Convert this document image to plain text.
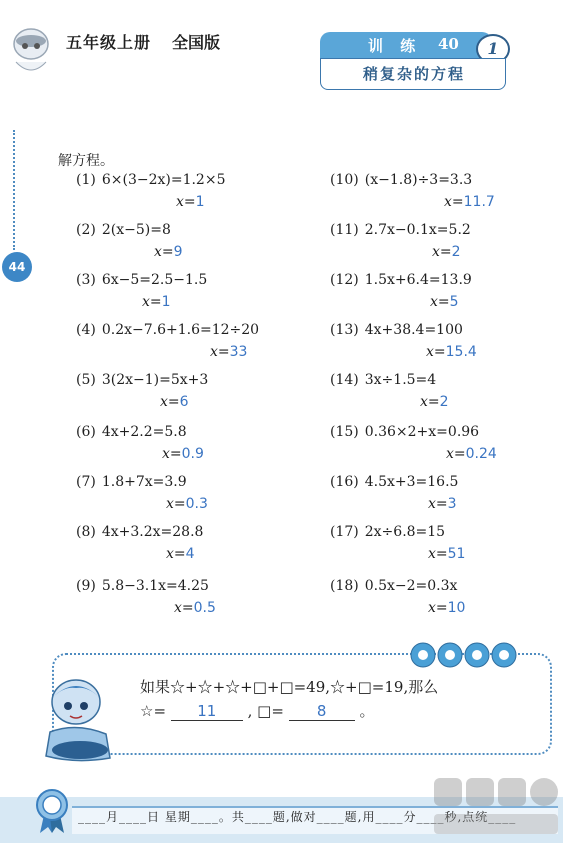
五年级上册 全国版	训 练 40	1
稍复杂的方程
44
解方程。
(1) 6×(3−2x)=1.2×5
x=1
(2) 2(x−5)=8
x=9
(3) 6x−5=2.5−1.5
x=1
(4) 0.2x−7.6+1.6=12÷20
x=33
(5) 3(2x−1)=5x+3
x=6
(6) 4x+2.2=5.8
x=0.9
(7) 1.8+7x=3.9
x=0.3
(8) 4x+3.2x=28.8
x=4
(9) 5.8−3.1x=4.25
x=0.5
(10) (x−1.8)÷3=3.3
x=11.7
(11) 2.7x−0.1x=5.2
x=2
(12) 1.5x+6.4=13.9
x=5
(13) 4x+38.4=100
x=15.4
(14) 3x÷1.5=4
x=2
(15) 0.36×2+x=0.96
x=0.24
(16) 4.5x+3=16.5
x=3
(17) 2x÷6.8=15
x=51
(18) 0.5x−2=0.3x
x=10
如果☆+☆+☆+□+□=49,☆+□=19,那么
☆= 11 , □= 8 。
____月____日 星期____。共____题,做对____题,用____分____秒,点统____
